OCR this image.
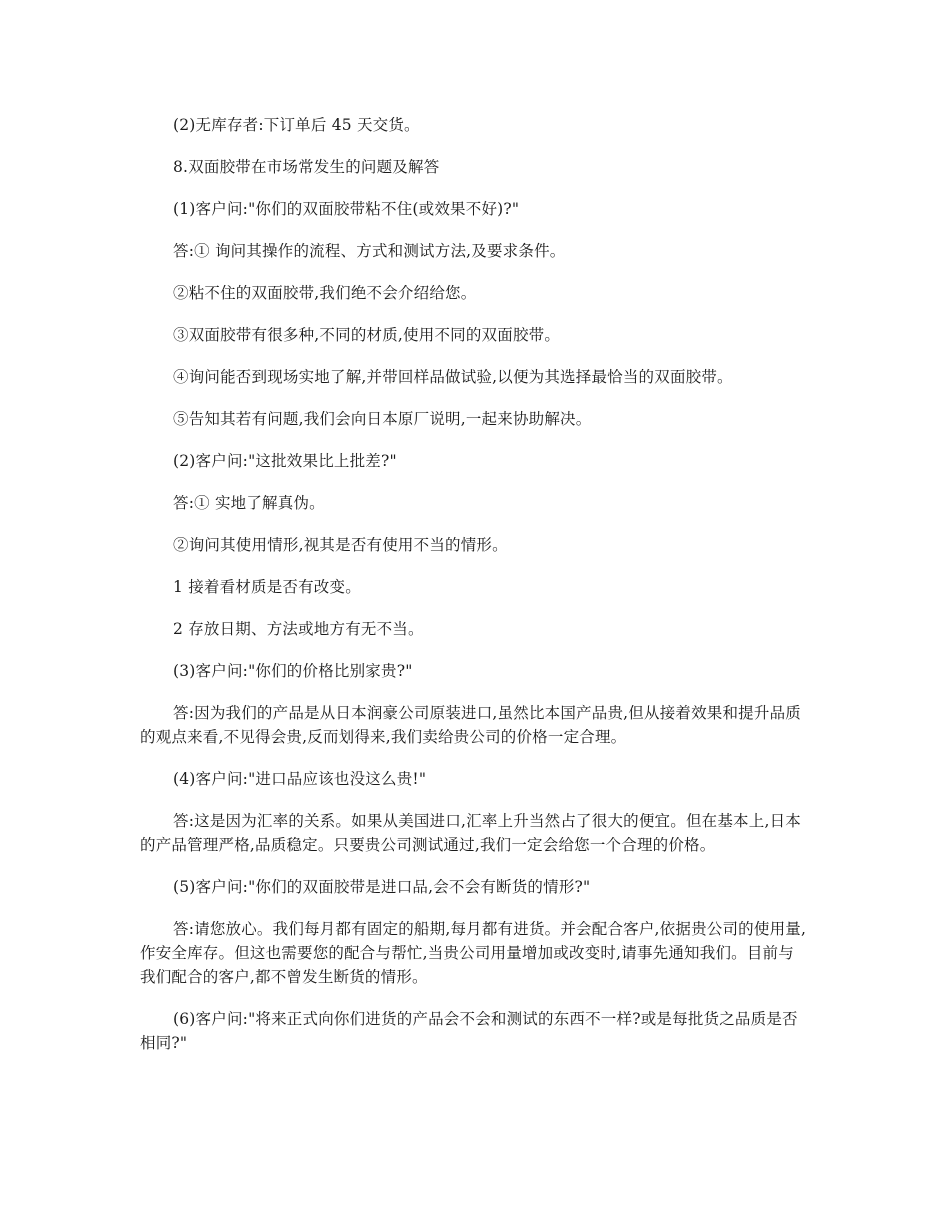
(2)无库存者:下订单后 45 天交货。

8.双面胶带在市场常发生的问题及解答

(1)客户问:"你们的双面胶带粘不住(或效果不好)?"

答:① 询问其操作的流程、方式和测试方法,及要求条件。

②粘不住的双面胶带,我们绝不会介绍给您。

③双面胶带有很多种,不同的材质,使用不同的双面胶带。

④询问能否到现场实地了解,并带回样品做试验,以便为其选择最恰当的双面胶带。

⑤告知其若有问题,我们会向日本原厂说明,一起来协助解决。

(2)客户问:"这批效果比上批差?"

答:① 实地了解真伪。

②询问其使用情形,视其是否有使用不当的情形。

1 接着看材质是否有改变。

2 存放日期、方法或地方有无不当。

(3)客户问:"你们的价格比别家贵?"

答:因为我们的产品是从日本润豪公司原装进口,虽然比本国产品贵,但从接着效果和提升品质的观点来看,不见得会贵,反而划得来,我们卖给贵公司的价格一定合理。

(4)客户问:"进口品应该也没这么贵!"

答:这是因为汇率的关系。如果从美国进口,汇率上升当然占了很大的便宜。但在基本上,日本的产品管理严格,品质稳定。只要贵公司测试通过,我们一定会给您一个合理的价格。

(5)客户问:"你们的双面胶带是进口品,会不会有断货的情形?"

答:请您放心。我们每月都有固定的船期,每月都有进货。并会配合客户,依据贵公司的使用量,作安全库存。但这也需要您的配合与帮忙,当贵公司用量增加或改变时,请事先通知我们。目前与我们配合的客户,都不曾发生断货的情形。

(6)客户问:"将来正式向你们进货的产品会不会和测试的东西不一样?或是每批货之品质是否相同?"
